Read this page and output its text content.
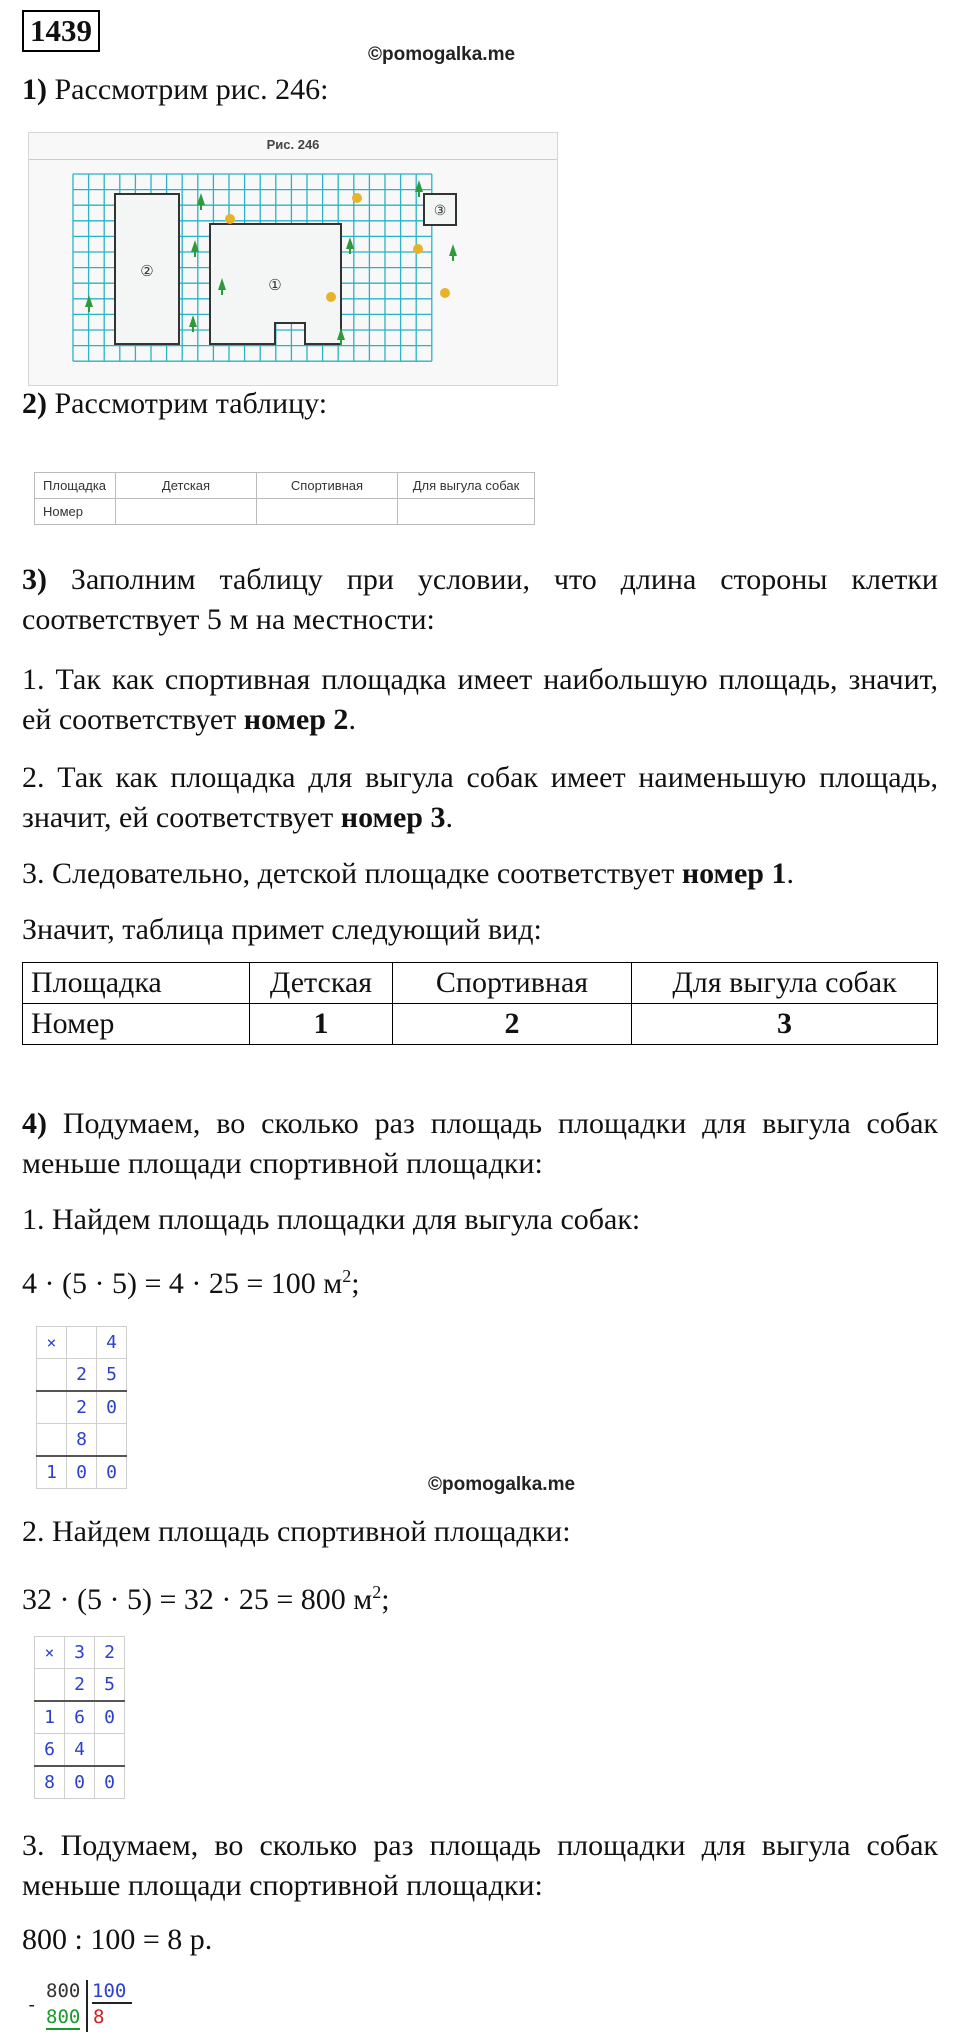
1439
©pomogalka.me
1) Рассмотрим рис. 246:
Рис. 246
②
①
③
2) Рассмотрим таблицу:
Площадка	Детская	Спортивная	Для выгула собак
Номер			
3) Заполним таблицу при условии, что длина стороны клетки соответствует 5 м на местности:
1. Так как спортивная площадка имеет наибольшую площадь, значит, ей соответствует номер 2.
2. Так как площадка для выгула собак имеет наименьшую площадь, значит, ей соответствует номер 3.
3. Следовательно, детской площадке соответствует номер 1.
Значит, таблица примет следующий вид:
Площадка	Детская	Спортивная	Для выгула собак
Номер	1	2	3
4) Подумаем, во сколько раз площадь площадки для выгула собак меньше площади спортивной площадки:
1. Найдем площадь площадки для выгула собак:
4 · (5 · 5) = 4 · 25 = 100 $м^2$;
×		4
	2	5
	2	0
	8	
1	0	0
©pomogalka.me
2. Найдем площадь спортивной площадки:
32 · (5 · 5) = 32 · 25 = 800 $м^2$;
×	3	2
	2	5
1	6	0
6	4	
8	0	0
3. Подумаем, во сколько раз площадь площадки для выгула собак меньше площади спортивной площадки:
800 : 100 = 8 р.
-
800 100
800 8
